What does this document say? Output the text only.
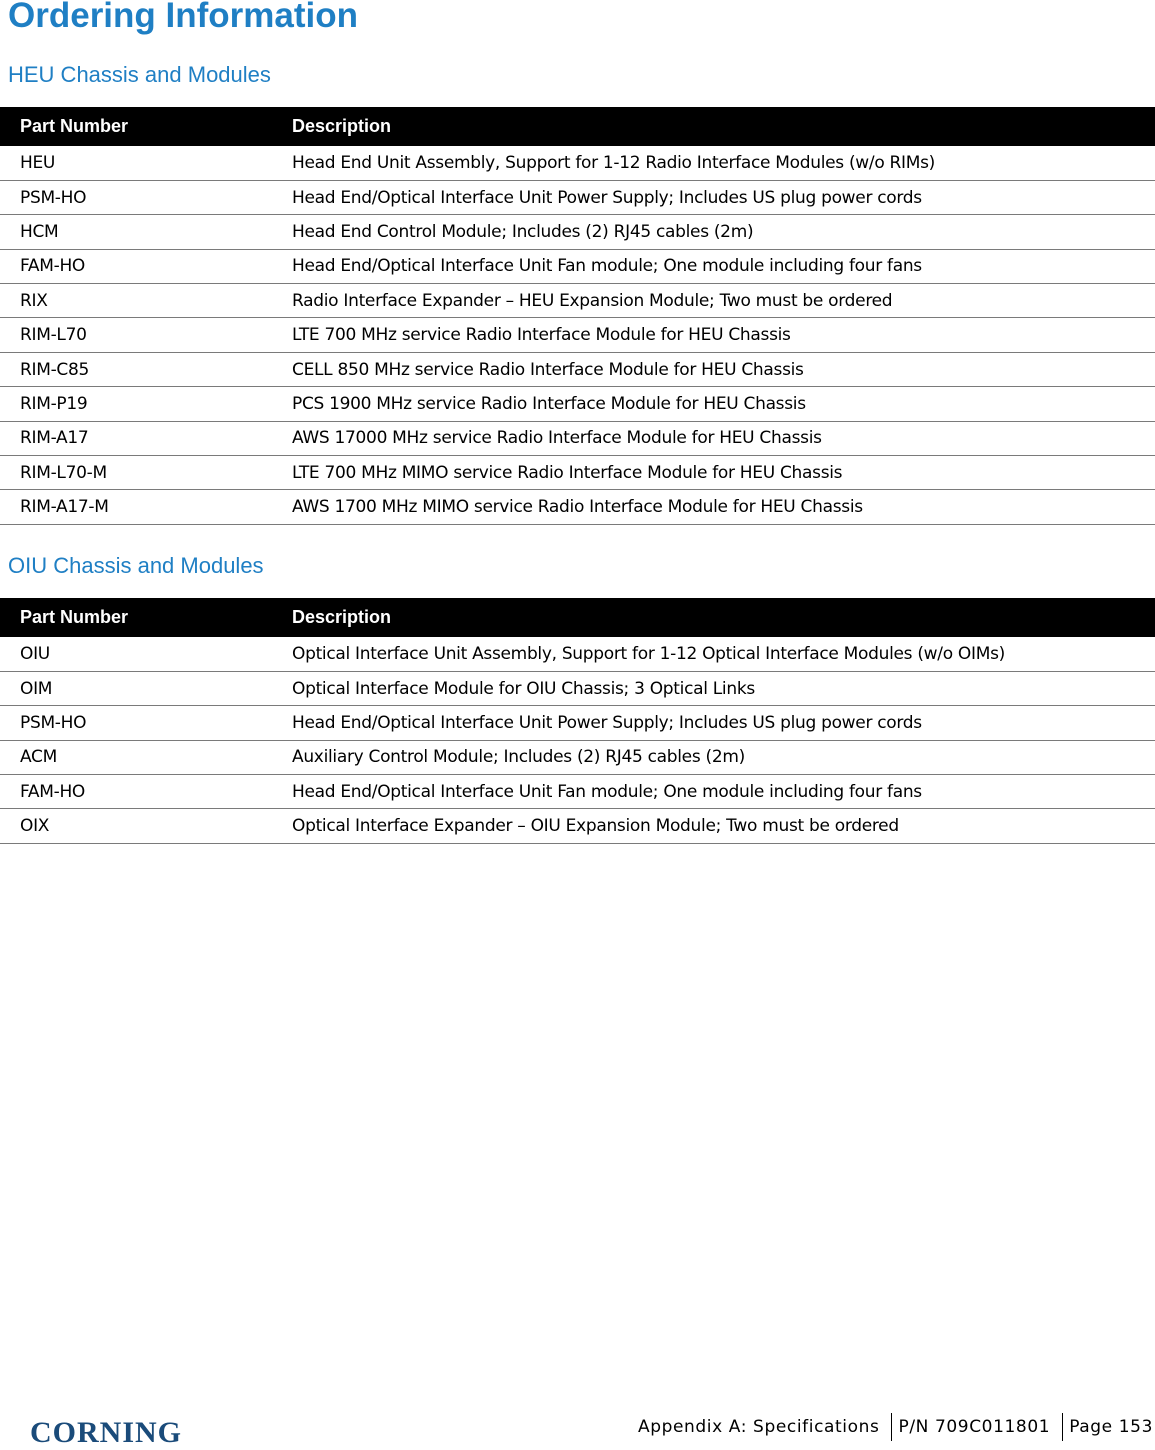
Ordering Information
HEU Chassis and Modules
Part Number	Description
HEU	Head End Unit Assembly, Support for 1-12 Radio Interface Modules (w/o RIMs)
PSM-HO	Head End/Optical Interface Unit Power Supply; Includes US plug power cords
HCM	Head End Control Module; Includes (2) RJ45 cables (2m)
FAM-HO	Head End/Optical Interface Unit Fan module; One module including four fans
RIX	Radio Interface Expander – HEU Expansion Module; Two must be ordered
RIM-L70	LTE 700 MHz service Radio Interface Module for HEU Chassis
RIM-C85	CELL 850 MHz service Radio Interface Module for HEU Chassis
RIM-P19	PCS 1900 MHz service Radio Interface Module for HEU Chassis
RIM-A17	AWS 17000 MHz service Radio Interface Module for HEU Chassis
RIM-L70-M	LTE 700 MHz MIMO service Radio Interface Module for HEU Chassis
RIM-A17-M	AWS 1700 MHz MIMO service Radio Interface Module for HEU Chassis
OIU Chassis and Modules
Part Number	Description
OIU	Optical Interface Unit Assembly, Support for 1-12 Optical Interface Modules (w/o OIMs)
OIM	Optical Interface Module for OIU Chassis; 3 Optical Links
PSM-HO	Head End/Optical Interface Unit Power Supply; Includes US plug power cords
ACM	Auxiliary Control Module; Includes (2) RJ45 cables (2m)
FAM-HO	Head End/Optical Interface Unit Fan module; One module including four fans
OIX	Optical Interface Expander – OIU Expansion Module; Two must be ordered
CORNING	Appendix A: Specifications P/N 709C011801 Page 153
